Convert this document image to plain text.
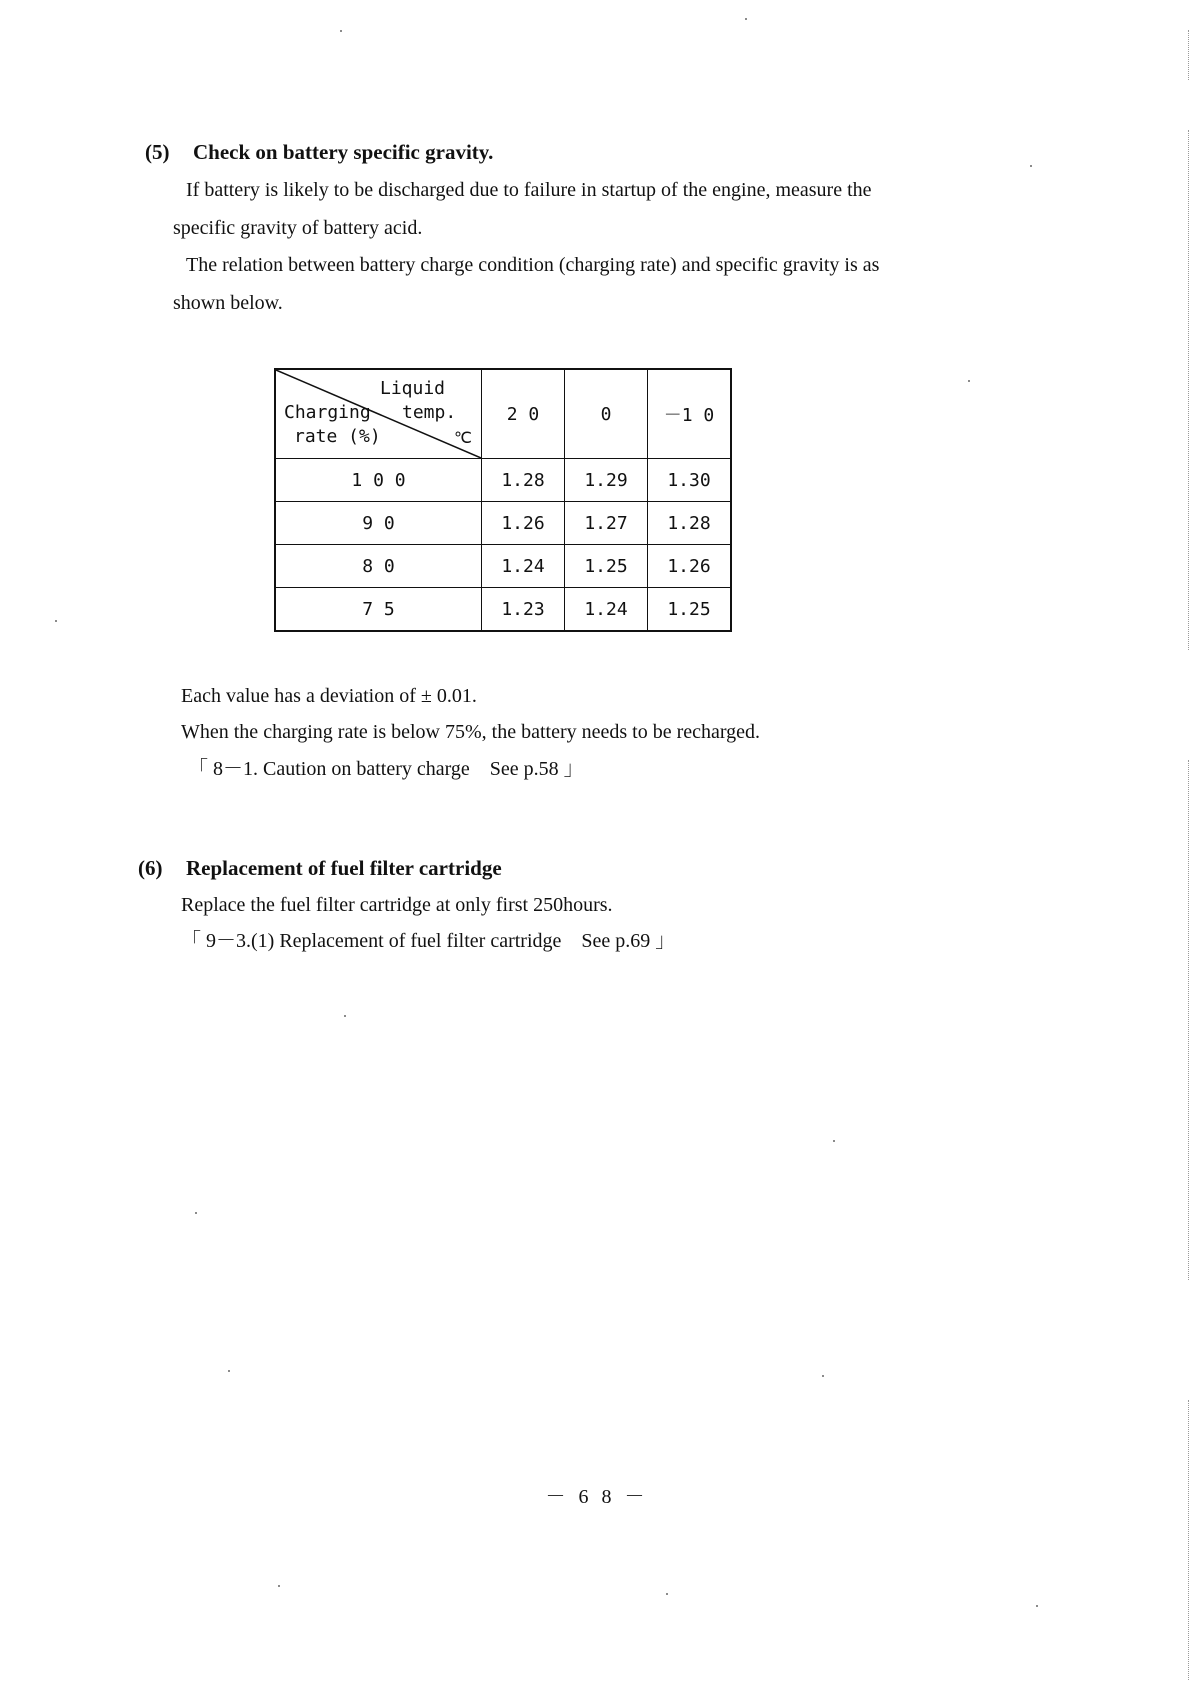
(5) Check on battery specific gravity.
If battery is likely to be discharged due to failure in startup of the engine, measure the
specific gravity of battery acid.
The relation between battery charge condition (charging rate) and specific gravity is as
shown below.
Liquid
Charging temp.
rate (%) ℃	2 0	0	－1 0
1 0 0	1.28	1.29	1.30
9 0	1.26	1.27	1.28
8 0	1.24	1.25	1.26
7 5	1.23	1.24	1.25
Each value has a deviation of ± 0.01.
When the charging rate is below 75%, the battery needs to be recharged.
「 8－1. Caution on battery charge　See p.58 」
(6) Replacement of fuel filter cartridge
Replace the fuel filter cartridge at only first 250hours.
「 9－3.(1) Replacement of fuel filter cartridge　See p.69 」
－ 6 8 －
